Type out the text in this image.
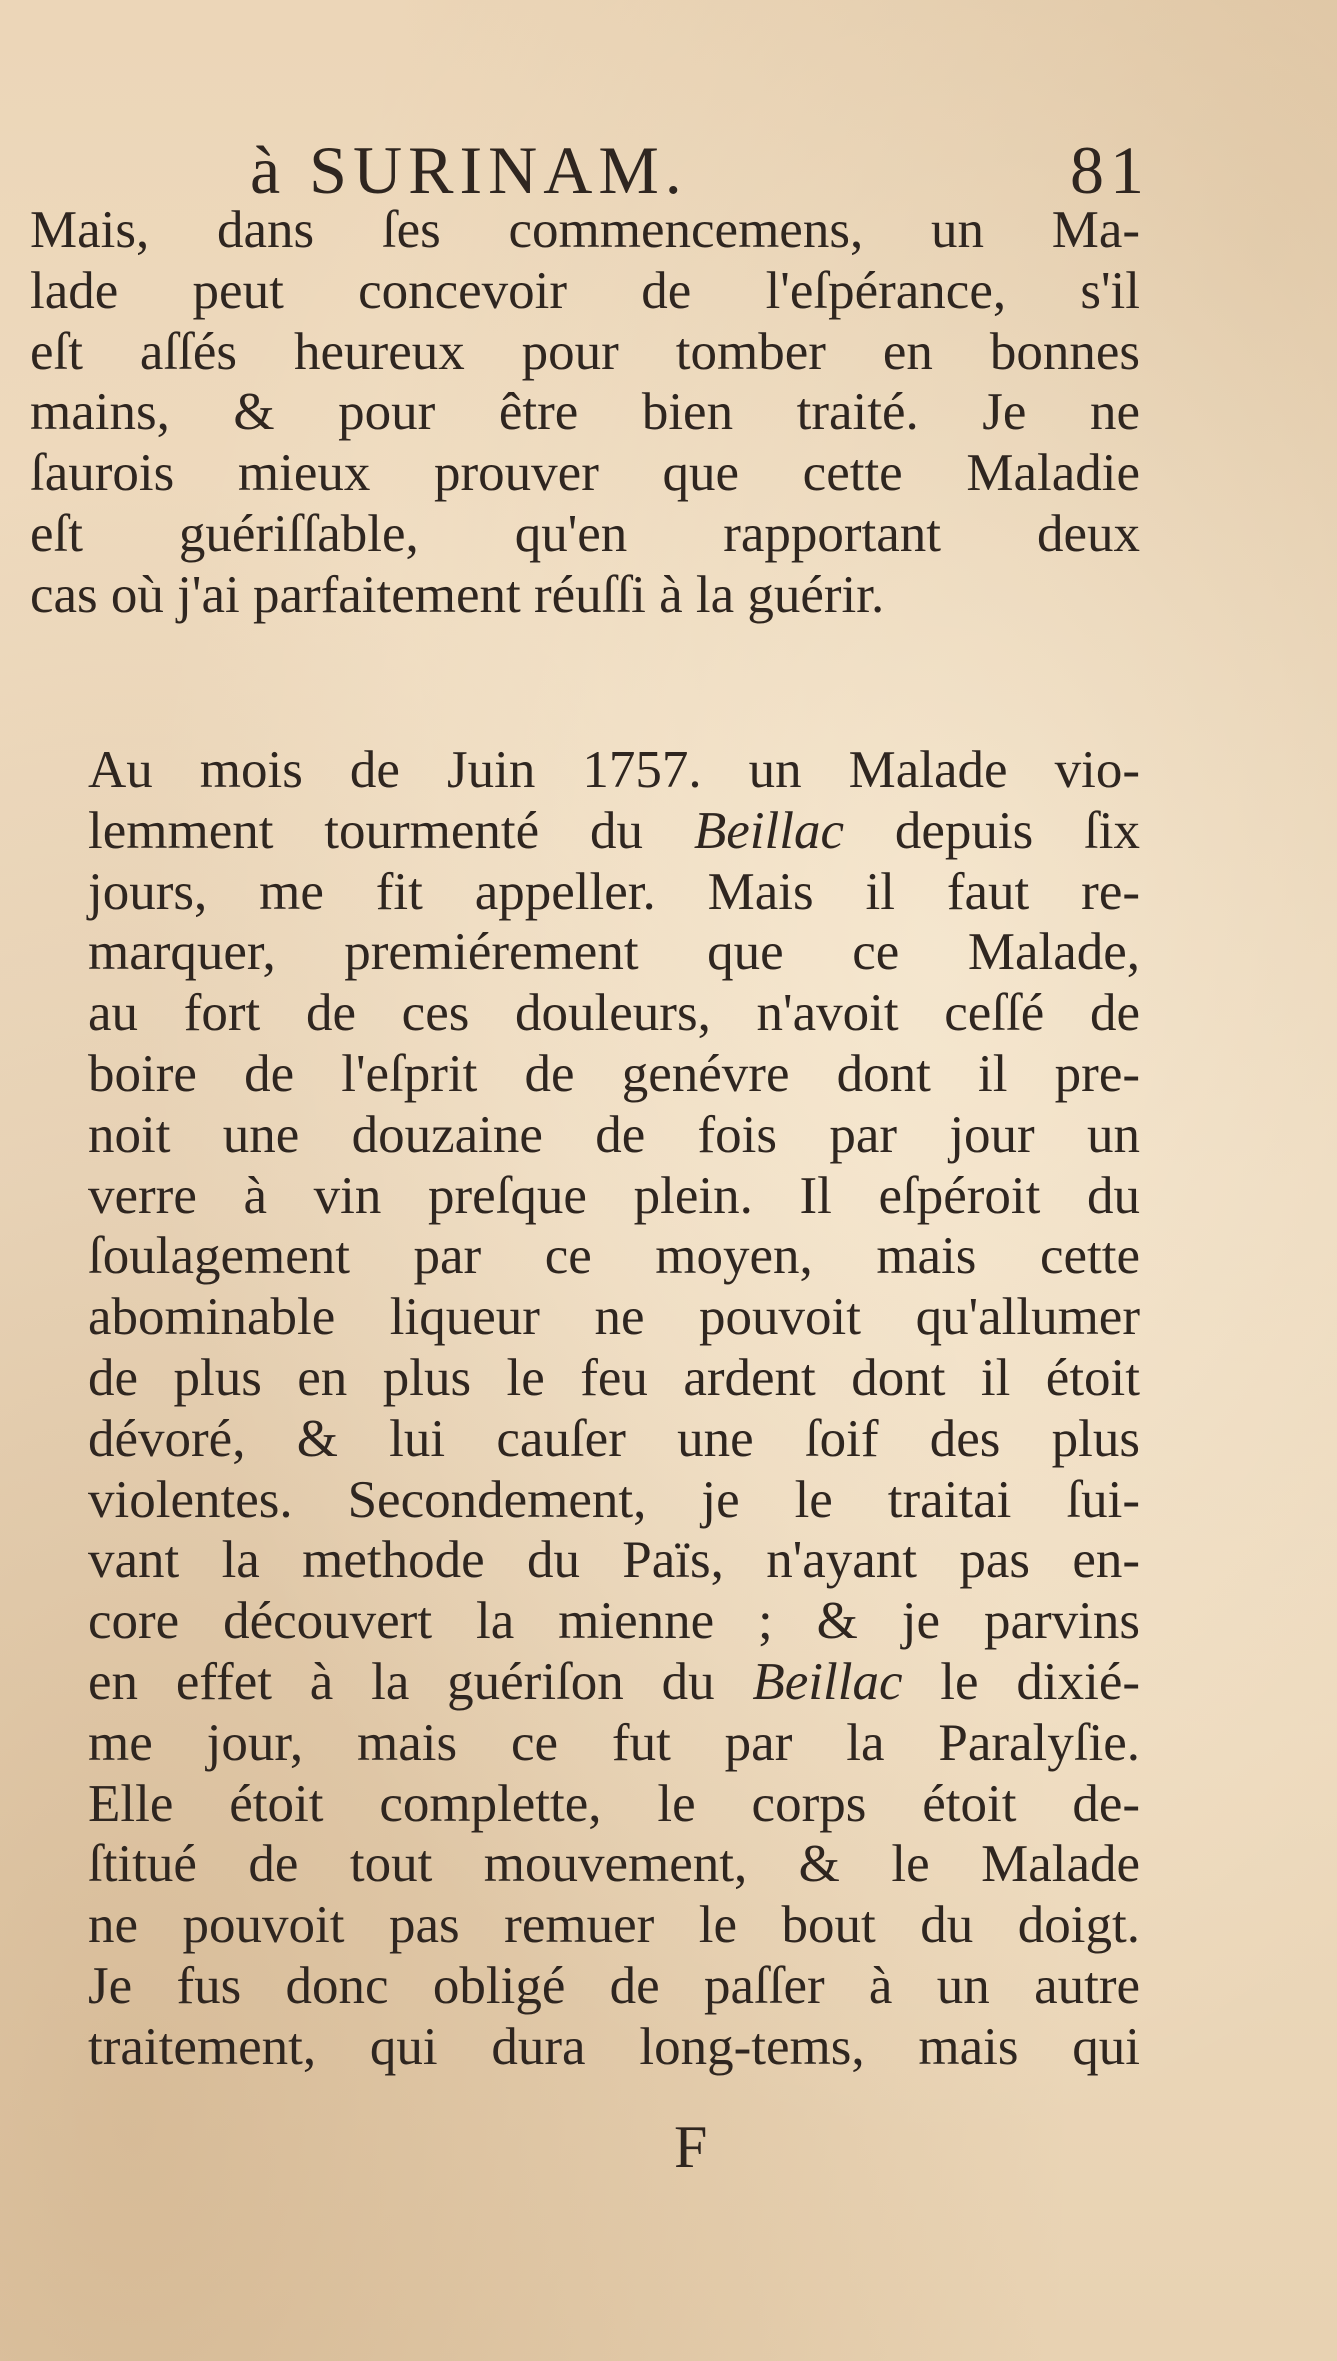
à SURINAM.	81
Mais, dans ſes commencemens, un Ma-
lade peut concevoir de l'eſpérance, s'il
eſt aſſés heureux pour tomber en bonnes
mains, & pour être bien traité. Je ne
ſaurois mieux prouver que cette Maladie
eſt guériſſable, qu'en rapportant deux
cas où j'ai parfaitement réuſſi à la guérir.
Au mois de Juin 1757. un Malade vio-
lemment tourmenté du Beillac depuis ſix
jours, me fit appeller. Mais il faut re-
marquer, premiérement que ce Malade,
au fort de ces douleurs, n'avoit ceſſé de
boire de l'eſprit de genévre dont il pre-
noit une douzaine de fois par jour un
verre à vin preſque plein. Il eſpéroit du
ſoulagement par ce moyen, mais cette
abominable liqueur ne pouvoit qu'allumer
de plus en plus le feu ardent dont il étoit
dévoré, & lui cauſer une ſoif des plus
violentes. Secondement, je le traitai ſui-
vant la methode du Païs, n'ayant pas en-
core découvert la mienne ; & je parvins
en effet à la guériſon du Beillac le dixié-
me jour, mais ce fut par la Paralyſie.
Elle étoit complette, le corps étoit de-
ſtitué de tout mouvement, & le Malade
ne pouvoit pas remuer le bout du doigt.
Je fus donc obligé de paſſer à un autre
traitement, qui dura long-tems, mais qui
F
